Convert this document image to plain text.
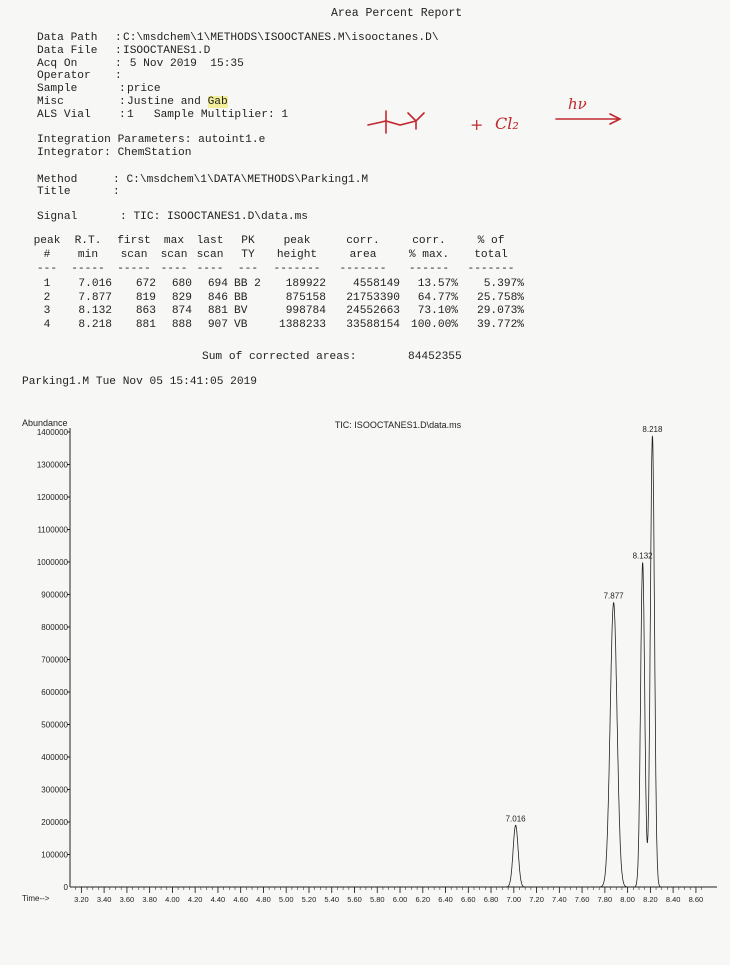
Area Percent Report
Data Path : C:\msdchem\1\METHODS\ISOOCTANES.M\isooctanes.D\
Data File : ISOOCTANES1.D
Acq On	: 5 Nov 2019  15:35
Operator :
Sample	: price
Misc	: Justine and Gab
ALS Vial	: 1   Sample Multiplier: 1
Integration Parameters: autoint1.e
Integrator: ChemStation
Method	: C:\msdchem\1\DATA\METHODS\Parking1.M
Title	:
Signal	: TIC: ISOOCTANES1.D\data.ms
peak	R.T.	first	max	last	PK	peak	corr.	corr.	% of
#	min	scan	scan	scan	TY	height	area	% max.	total
---	-----	-----	----	----	---	-------	-------	------	-------
1	7.016	672	680	694	BB 2	189922	4558149	13.57%	5.397%
2	7.877	819	829	846	BB	875158	21753390	64.77%	25.758%
3	8.132	863	874	881	BV	998784	24552663	73.10%	29.073%
4	8.218	881	888	907	VB	1388233	33588154	100.00%	39.772%
Sum of corrected areas:	84452355
Parking1.M Tue Nov 05 15:41:05 2019
+ Cl₂
hν
TIC: ISOOCTANES1.D\data.ms
Abundance
Time-->
100000
200000
300000
400000
500000
600000
700000
800000
900000
1000000
1100000
1200000
1300000
1400000
0
3.20 3.40 3.60 3.80 4.00 4.20 4.40 4.60 4.80 5.00 5.20 5.40 5.60 5.80 6.00 6.20 6.40 6.60 6.80 7.00 7.20 7.40 7.60 7.80 8.00 8.20 8.40 8.60
7.016
7.877
8.132
8.218
